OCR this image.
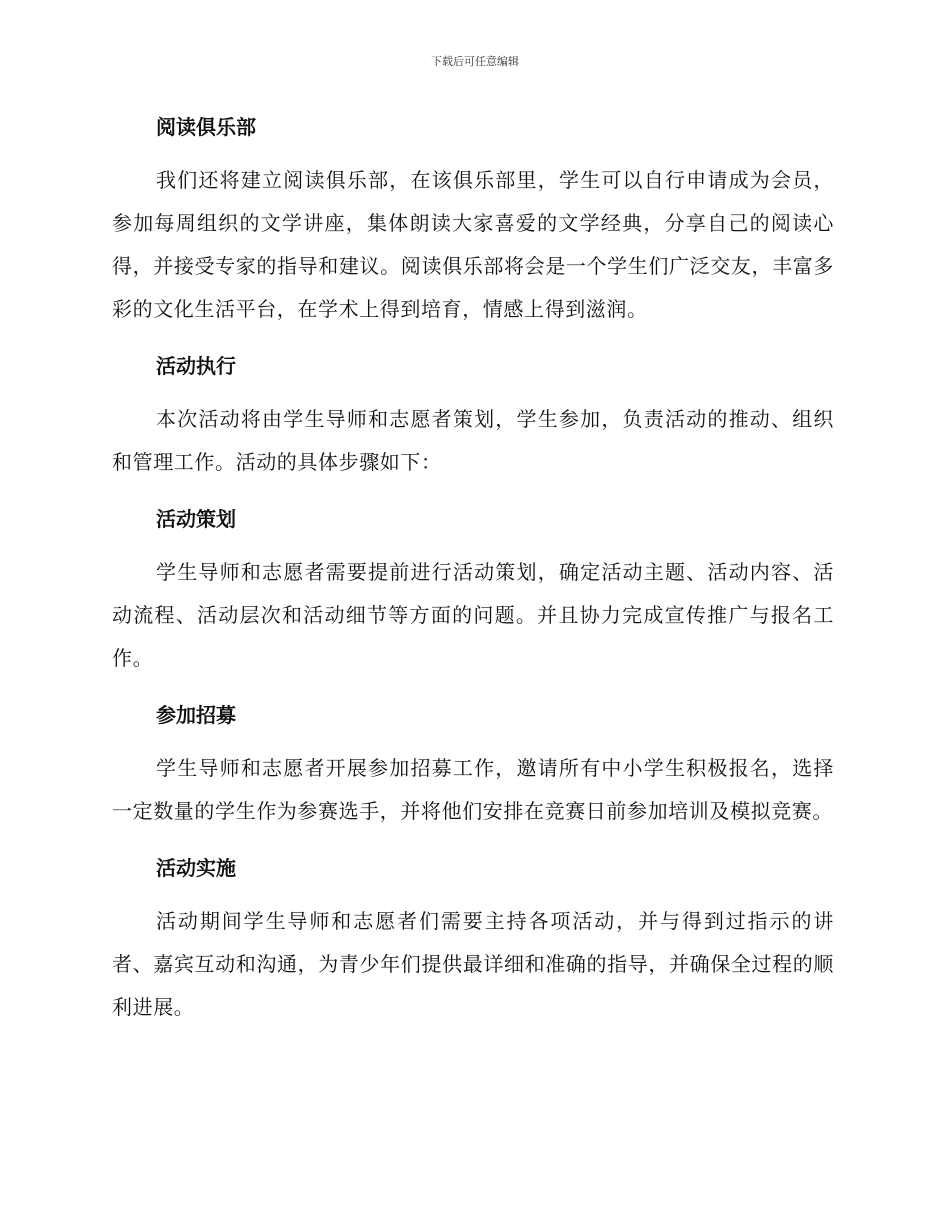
下载后可任意编辑
阅读俱乐部

我们还将建立阅读俱乐部，在该俱乐部里，学生可以自行申请成为会员，参加每周组织的文学讲座，集体朗读大家喜爱的文学经典，分享自己的阅读心得，并接受专家的指导和建议。阅读俱乐部将会是一个学生们广泛交友，丰富多彩的文化生活平台，在学术上得到培育，情感上得到滋润。

活动执行

本次活动将由学生导师和志愿者策划，学生参加，负责活动的推动、组织和管理工作。活动的具体步骤如下：

活动策划

学生导师和志愿者需要提前进行活动策划，确定活动主题、活动内容、活动流程、活动层次和活动细节等方面的问题。并且协力完成宣传推广与报名工作。

参加招募

学生导师和志愿者开展参加招募工作，邀请所有中小学生积极报名，选择一定数量的学生作为参赛选手，并将他们安排在竞赛日前参加培训及模拟竞赛。

活动实施

活动期间学生导师和志愿者们需要主持各项活动，并与得到过指示的讲者、嘉宾互动和沟通，为青少年们提供最详细和准确的指导，并确保全过程的顺利进展。
